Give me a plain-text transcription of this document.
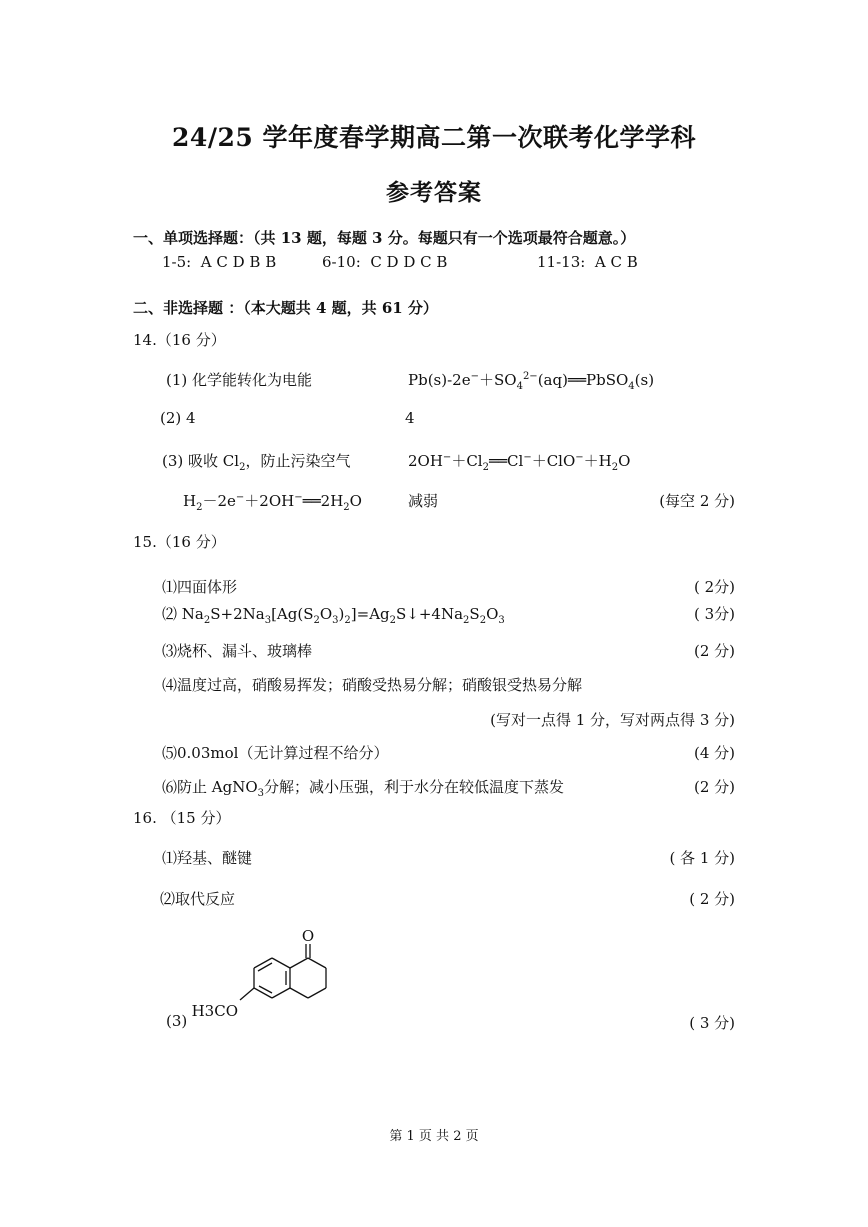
24/25 学年度春学期高二第一次联考化学学科
参考答案
一、单项选择题：（共 13 题，每题 3 分。每题只有一个选项最符合题意。）
1-5: A C D B B	6-10: C D D C B	11-13: A C B
二、非选择题 ：（本大题共 4 题，共 61 分）
14.（16 分）
(1) 化学能转化为电能	$Pb(s)-2e^-+SO_4^{2-}(aq)══PbSO_4(s)$
(2) 4	4
(3) 吸收 $Cl_2$，防止污染空气	$2OH^-+Cl_2══Cl^-+ClO^-+H_2O$
$H_2-2e^-+2OH^-══2H_2O$	减弱	(每空 2 分)
15.（16 分）
⑴四面体形	( 2分)
⑵ $Na_2S+2Na_3[Ag(S_2O_3)_2]=Ag_2S↓+4Na_2S_2O_3$	( 3分)
⑶烧杯、漏斗、玻璃棒	(2 分)
⑷温度过高，硝酸易挥发；硝酸受热易分解；硝酸银受热易分解
(写对一点得 1 分，写对两点得 3 分)
⑸0.03mol（无计算过程不给分）	(4 分)
⑹防止 AgNO$_3$分解；减小压强，利于水分在较低温度下蒸发	(2 分)
16. （15 分）
⑴羟基、醚键	( 各 1 分)
⑵取代反应	( 2 分)
(3)	( 3 分)
O
H3CO
第 1 页 共 2 页
